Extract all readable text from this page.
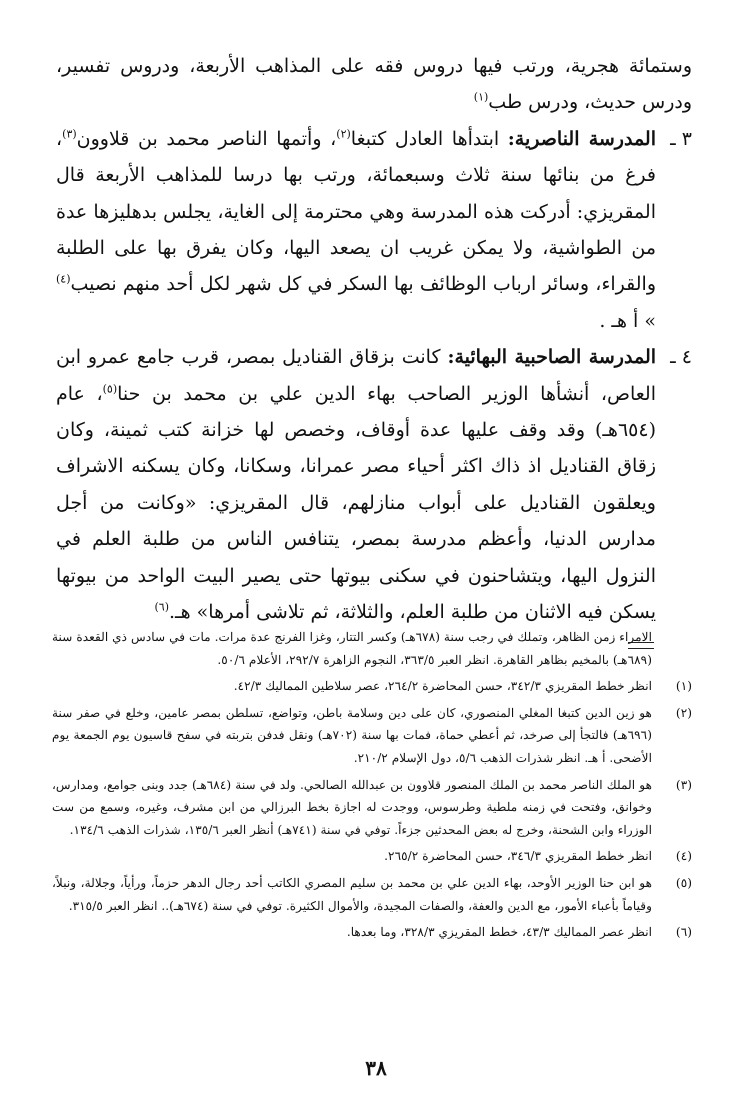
وستمائة هجرية، ورتب فيها دروس فقه على المذاهب الأربعة، ودروس تفسير، ودرس حديث، ودرس طب$^{(١)}$

٣ ـ
المدرسة الناصرية: ابتدأها العادل كتبغا$^{(٢)}$، وأتمها الناصر محمد بن قلاوون$^{(٣)}$، فرغ من بنائها سنة ثلاث وسبعمائة، ورتب بها درسا للمذاهب الأربعة قال المقريزي: أدركت هذه المدرسة وهي محترمة إلى الغاية، يجلس بدهليزها عدة من الطواشية، ولا يمكن غريب ان يصعد اليها، وكان يفرق بها على الطلبة والقراء، وسائر ارباب الوظائف بها السكر في كل شهر لكل أحد منهم نصيب$^{(٤)}$ » أ هـ .

٤ ـ
المدرسة الصاحبية البهائية: كانت بزقاق القناديل بمصر، قرب جامع عمرو ابن العاص، أنشأها الوزير الصاحب بهاء الدين علي بن محمد بن حنا$^{(٥)}$، عام (٦٥٤هـ) وقد وقف عليها عدة أوقاف، وخصص لها خزانة كتب ثمينة، وكان زقاق القناديل اذ ذاك اكثر أحياء مصر عمرانا، وسكانا، وكان يسكنه الاشراف ويعلقون القناديل على أبواب منازلهم، قال المقريزي: «وكانت من أجل مدارس الدنيا، وأعظم مدرسة بمصر، يتنافس الناس من طلبة العلم في النزول اليها، ويتشاحنون في سكنى بيوتها حتى يصير البيت الواحد من بيوتها يسكن فيه الاثنان من طلبة العلم، والثلاثة، ثم تلاشى أمرها» هـ.$^{(٦)}$

الامراء زمن الظاهر، وتملك في رجب سنة (٦٧٨هـ) وكسر التتار، وغزا الفرنج عدة مرات. مات في سادس ذي القعدة سنة (٦٨٩هـ) بالمخيم بظاهر القاهرة. انظر العبر ٣٦٣/٥، النجوم الزاهرة ٢٩٢/٧، الأعلام ٥٠/٦.
(١)
انظر خطط المقريزي ٣٤٢/٣، حسن المحاضرة ٢٦٤/٢، عصر سلاطين المماليك ٤٢/٣.
(٢)
هو زين الدين كتبغا المغلي المنصوري، كان على دين وسلامة باطن، وتواضع، تسلطن بمصر عامين، وخلع في صفر سنة (٦٩٦هـ) فالتجأ إلى صرخد، ثم أعطي حماة، فمات بها سنة (٧٠٢هـ) ونقل فدفن بتربته في سفح قاسيون يوم الجمعة يوم الأضحى. أ هـ. انظر شذرات الذهب ٥/٦، دول الإسلام ٢١٠/٢.
(٣)
هو الملك الناصر محمد بن الملك المنصور قلاوون بن عبدالله الصالحي. ولد في سنة (٦٨٤هـ) جدد وبنى جوامع، ومدارس، وخوانق، وفتحت في زمنه ملطية وطرسوس، ووجدت له اجازة بخط البرزالي من ابن مشرف، وغيره، وسمع من ست الوزراء وابن الشحنة، وخرج له بعض المحدثين جزءاً. توفي في سنة (٧٤١هـ) أنظر العبر ١٣٥/٦، شذرات الذهب ١٣٤/٦.
(٤)
انظر خطط المقريزي ٣٤٦/٣، حسن المحاضرة ٢٦٥/٢.
(٥)
هو ابن حنا الوزير الأوحد، بهاء الدين علي بن محمد بن سليم المصري الكاتب أحد رجال الدهر حزماً، ورأياً، وجلالة، ونبلاً، وقياماً بأعباء الأمور، مع الدين والعفة، والصفات المجيدة، والأموال الكثيرة. توفي في سنة (٦٧٤هـ).. انظر العبر ٣١٥/٥.
(٦)
انظر عصر المماليك ٤٣/٣، خطط المقريزي ٣٢٨/٣، وما بعدها.
٣٨
